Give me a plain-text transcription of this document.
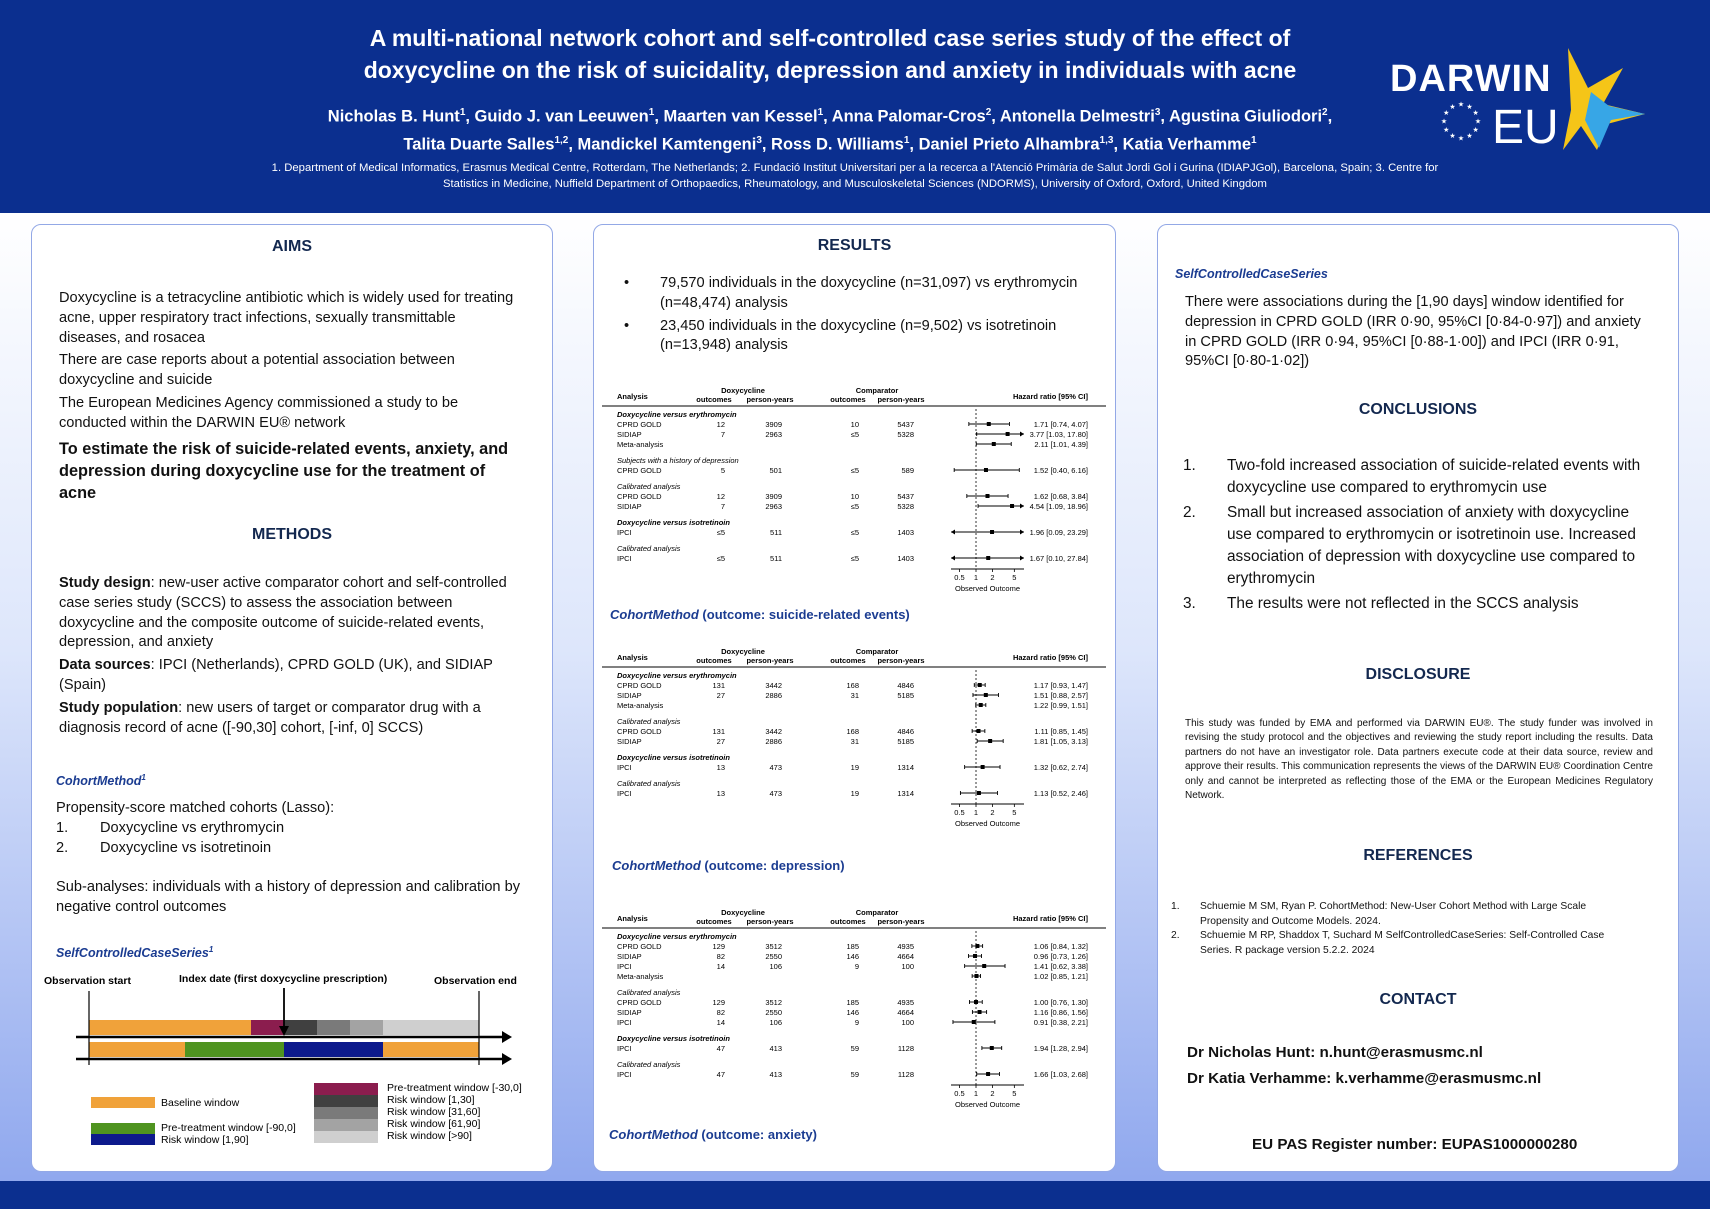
A multi-national network cohort and self-controlled case series study of the effect of
doxycycline on the risk of suicidality, depression and anxiety in individuals with acne
Nicholas B. Hunt$^1$, Guido J. van Leeuwen$^1$, Maarten van Kessel$^1$, Anna Palomar-Cros$^2$, Antonella Delmestri$^3$, Agustina Giuliodori$^2$,
Talita Duarte Salles$^{1,2}$, Mandickel Kamtengeni$^3$, Ross D. Williams$^1$, Daniel Prieto Alhambra$^{1,3}$, Katia Verhamme$^1$
1. Department of Medical Informatics, Erasmus Medical Centre, Rotterdam, The Netherlands; 2. Fundació Institut Universitari per a la recerca a l'Atenció Primària de Salut Jordi Gol i Gurina (IDIAPJGol), Barcelona, Spain; 3. Centre for Statistics in Medicine, Nuffield Department of Orthopaedics, Rheumatology, and Musculoskeletal Sciences (NDORMS), University of Oxford, Oxford, United Kingdom
★ ★
★
★
★
★
★
★
★
★
★
★
DARWIN
EU
AIMS
Doxycycline is a tetracycline antibiotic which is widely used for treating acne, upper respiratory tract infections, sexually transmittable diseases, and rosacea
There are case reports about a potential association between doxycycline and suicide
The European Medicines Agency commissioned a study to be conducted within the DARWIN EU® network
To estimate the risk of suicide-related events, anxiety, and depression during doxycycline use for the treatment of acne
METHODS
Study design: new-user active comparator cohort and self-controlled case series study (SCCS) to assess the association between doxycycline and the composite outcome of suicide-related events, depression, and anxiety
Data sources: IPCI (Netherlands), CPRD GOLD (UK), and SIDIAP (Spain)
Study population: new users of target or comparator drug with a diagnosis record of acne ([-90,30] cohort, [-inf, 0] SCCS)
CohortMethod$^1$
Propensity-score matched cohorts (Lasso):
1.	Doxycycline vs erythromycin
2.	Doxycycline vs isotretinoin
Sub-analyses: individuals with a history of depression and calibration by negative control outcomes
SelfControlledCaseSeries$^1$
Observation start	Index date (first doxycycline prescription)	Observation end
Baseline window
Pre-treatment window [-90,0]
Risk window [1,90]
Pre-treatment window [-30,0]
Risk window [1,30]
Risk window [31,60]
Risk window [61,90]
Risk window [>90]
RESULTS
•	79,570 individuals in the doxycycline (n=31,097) vs erythromycin (n=48,474) analysis
•	23,450 individuals in the doxycycline (n=9,502) vs isotretinoin (n=13,948) analysis
Analysis
Doxycycline	Comparator
outcomes person-years	outcomes person-years	Hazard ratio [95% CI]
Doxycycline versus erythromycin
CPRD GOLD	12	3909	10	5437	1.71 [0.74, 4.07]
SIDIAP	7	2963	≤5	5328	3.77 [1.03, 17.80]
Meta-analysis	2.11 [1.01, 4.39]
Subjects with a history of depression
CPRD GOLD	5	501	≤5	589	1.52 [0.40, 6.16]
Calibrated analysis
CPRD GOLD	12	3909	10	5437	1.62 [0.68, 3.84]
SIDIAP	7	2963	≤5	5328	4.54 [1.09, 18.96]
Doxycycline versus isotretinoin
IPCI	≤5	511	≤5	1403	1.96 [0.09, 23.29]
Calibrated analysis
IPCI	≤5	511	≤5	1403	1.67 [0.10, 27.84]
0.5 1 2 5
Observed Outcome
CohortMethod (outcome: suicide-related events)
Analysis
Doxycycline	Comparator
outcomes person-years	outcomes person-years	Hazard ratio [95% CI]
Doxycycline versus erythromycin
CPRD GOLD	131	3442	168	4846	1.17 [0.93, 1.47]
SIDIAP	27	2886	31	5185	1.51 [0.88, 2.57]
Meta-analysis	1.22 [0.99, 1.51]
Calibrated analysis
CPRD GOLD	131	3442	168	4846	1.11 [0.85, 1.45]
SIDIAP	27	2886	31	5185	1.81 [1.05, 3.13]
Doxycycline versus isotretinoin
IPCI	13	473	19	1314	1.32 [0.62, 2.74]
Calibrated analysis
IPCI	13	473	19	1314	1.13 [0.52, 2.46]
0.5 1 2 5
Observed Outcome
CohortMethod (outcome: depression)
Analysis
Doxycycline	Comparator
outcomes person-years	outcomes person-years	Hazard ratio [95% CI]
Doxycycline versus erythromycin
CPRD GOLD	129	3512	185	4935	1.06 [0.84, 1.32]
SIDIAP	82	2550	146	4664	0.96 [0.73, 1.26]
IPCI	14	106	9	100	1.41 [0.62, 3.38]
Meta-analysis	1.02 [0.85, 1.21]
Calibrated analysis
CPRD GOLD	129	3512	185	4935	1.00 [0.76, 1.30]
SIDIAP	82	2550	146	4664	1.16 [0.86, 1.56]
IPCI	14	106	9	100	0.91 [0.38, 2.21]
Doxycycline versus isotretinoin
IPCI	47	413	59	1128	1.94 [1.28, 2.94]
Calibrated analysis
IPCI	47	413	59	1128	1.66 [1.03, 2.68]
0.5 1 2 5
Observed Outcome
CohortMethod (outcome: anxiety)
SelfControlledCaseSeries
There were associations during the [1,90 days] window identified for depression in CPRD GOLD (IRR 0·90, 95%CI [0·84-0·97]) and anxiety in CPRD GOLD (IRR 0·94, 95%CI [0·88-1·00]) and IPCI (IRR 0·91, 95%CI [0·80-1·02])
CONCLUSIONS
1.	Two-fold increased association of suicide-related events with doxycycline use compared to erythromycin use
2.	Small but increased association of anxiety with doxycycline use compared to erythromycin or isotretinoin use. Increased association of depression with doxycycline use compared to erythromycin
3.	The results were not reflected in the SCCS analysis
DISCLOSURE
This study was funded by EMA and performed via DARWIN EU®. The study funder was involved in revising the study protocol and the objectives and reviewing the study report including the results. Data partners do not have an investigator role. Data partners execute code at their data source, review and approve their results. This communication represents the views of the DARWIN EU® Coordination Centre only and cannot be interpreted as reflecting those of the EMA or the European Medicines Regulatory Network.
REFERENCES
1.	Schuemie M SM, Ryan P. CohortMethod: New-User Cohort Method with Large Scale Propensity and Outcome Models. 2024.
2.	Schuemie M RP, Shaddox T, Suchard M SelfControlledCaseSeries: Self-Controlled Case Series. R package version 5.2.2. 2024
CONTACT
Dr Nicholas Hunt: n.hunt@erasmusmc.nl
Dr Katia Verhamme: k.verhamme@erasmusmc.nl
EU PAS Register number: EUPAS1000000280
